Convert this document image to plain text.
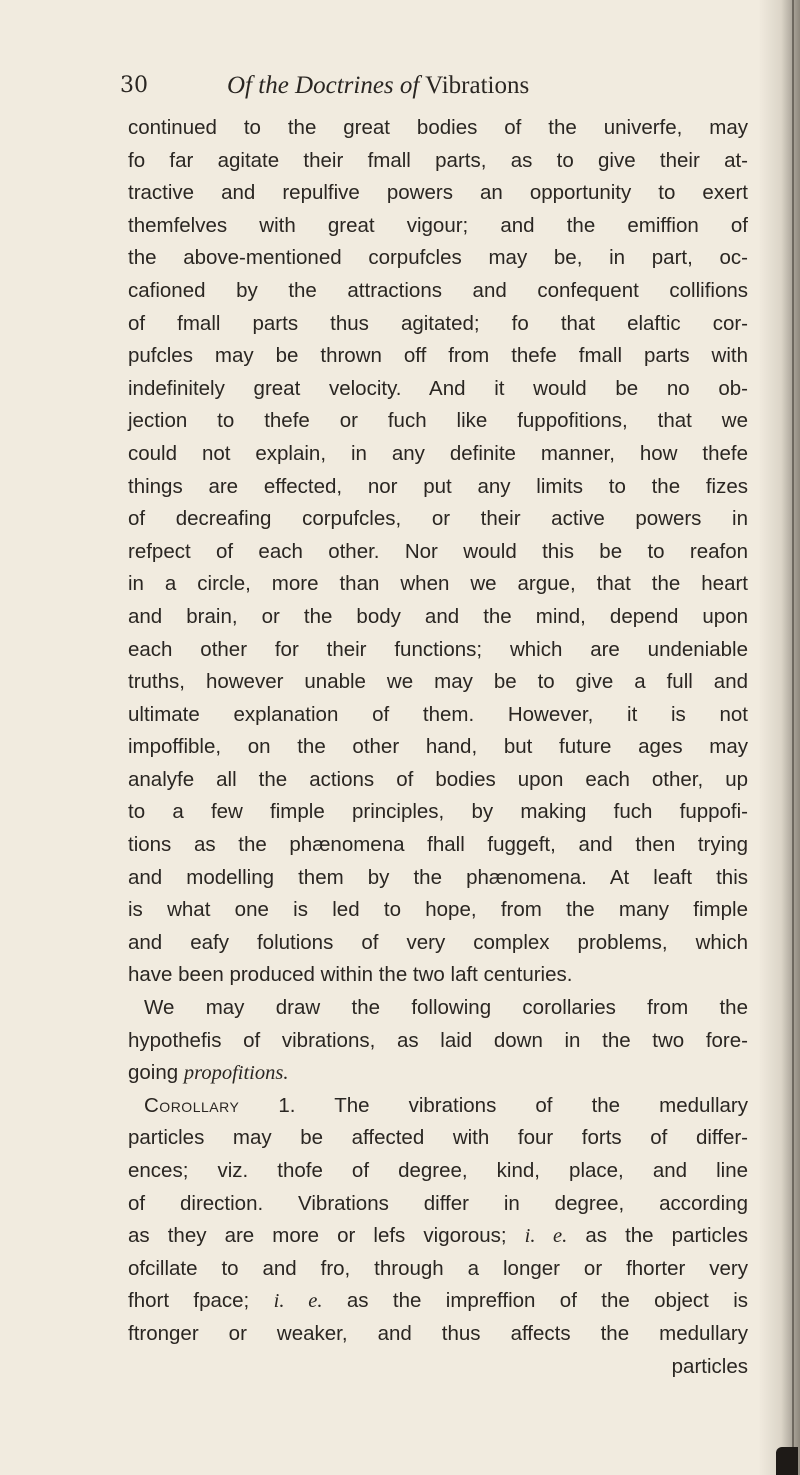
30	Of the Doctrines of Vibrations
continued to the great bodies of the univerfe, may
fo far agitate their fmall parts, as to give their at-
tractive and repulfive powers an opportunity to exert
themfelves with great vigour; and the emiffion of
the above-mentioned corpufcles may be, in part, oc-
cafioned by the attractions and confequent collifions
of fmall parts thus agitated; fo that elaftic cor-
pufcles may be thrown off from thefe fmall parts with
indefinitely great velocity. And it would be no ob-
jection to thefe or fuch like fuppofitions, that we
could not explain, in any definite manner, how thefe
things are effected, nor put any limits to the fizes
of decreafing corpufcles, or their active powers in
refpect of each other. Nor would this be to reafon
in a circle, more than when we argue, that the heart
and brain, or the body and the mind, depend upon
each other for their functions; which are undeniable
truths, however unable we may be to give a full and
ultimate explanation of them. However, it is not
impoffible, on the other hand, but future ages may
analyfe all the actions of bodies upon each other, up
to a few fimple principles, by making fuch fuppofi-
tions as the phænomena fhall fuggeft, and then trying
and modelling them by the phænomena. At leaft this
is what one is led to hope, from the many fimple
and eafy folutions of very complex problems, which
have been produced within the two laft centuries.
We may draw the following corollaries from the
hypothefis of vibrations, as laid down in the two fore-
going propofitions.
Corollary 1. The vibrations of the medullary
particles may be affected with four forts of differ-
ences; viz. thofe of degree, kind, place, and line
of direction. Vibrations differ in degree, according
as they are more or lefs vigorous; i. e. as the particles
ofcillate to and fro, through a longer or fhorter very
fhort fpace; i. e. as the impreffion of the object is
ftronger or weaker, and thus affects the medullary
particles
